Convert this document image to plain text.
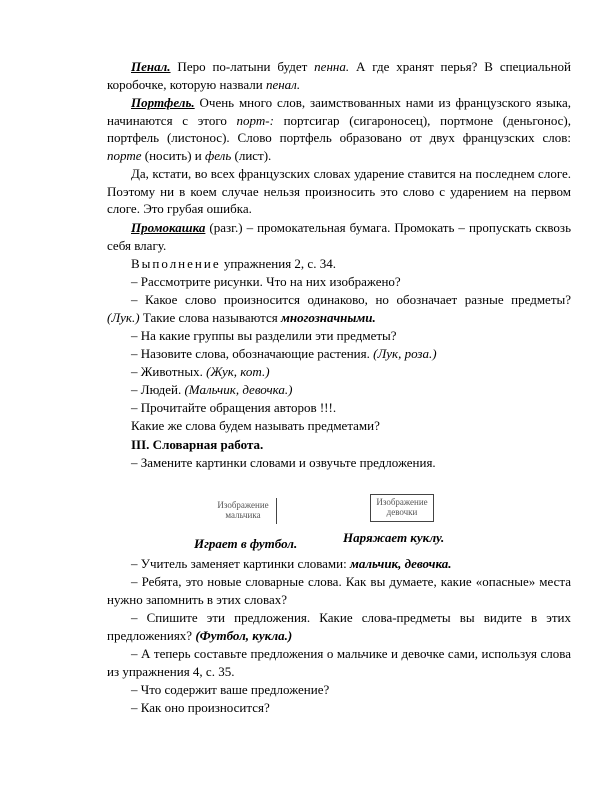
Пенал. Перо по-латыни будет пенна. А где хранят перья? В специальной коробочке, которую назвали пенал.

Портфель. Очень много слов, заимствованных нами из французского языка, начинаются с этого порт-: портсигар (сигароносец), портмоне (деньгонос), портфель (листонос). Слово портфель образовано от двух французских слов: порте (носить) и фель (лист).

Да, кстати, во всех французских словах ударение ставится на последнем слоге. Поэтому ни в коем случае нельзя произносить это слово с ударением на первом слоге. Это грубая ошибка.

Промокашка (разг.) – промокательная бумага. Промокать – пропускать сквозь себя влагу.

Выполнение упражнения 2, с. 34.

– Рассмотрите рисунки. Что на них изображено?

– Какое слово произносится одинаково, но обозначает разные предметы? (Лук.) Такие слова называются многозначными.

– На какие группы вы разделили эти предметы?

– Назовите слова, обозначающие растения. (Лук, роза.)

– Животных. (Жук, кот.)

– Людей. (Мальчик, девочка.)

– Прочитайте обращения авторов !!!.

Какие же слова будем называть предметами?

III. Словарная работа.

– Замените картинки словами и озвучьте предложения.

Изображение
мальчика
Изображение
девочки
Играет в футбол.	Наряжает куклу.

– Учитель заменяет картинки словами: мальчик, девочка.

– Ребята, это новые словарные слова. Как вы думаете, какие «опасные» места нужно запомнить в этих словах?

– Спишите эти предложения. Какие слова-предметы вы видите в этих предложениях? (Футбол, кукла.)

– А теперь составьте предложения о мальчике и девочке сами, используя слова из упражнения 4, с. 35.

– Что содержит ваше предложение?

– Как оно произносится?
